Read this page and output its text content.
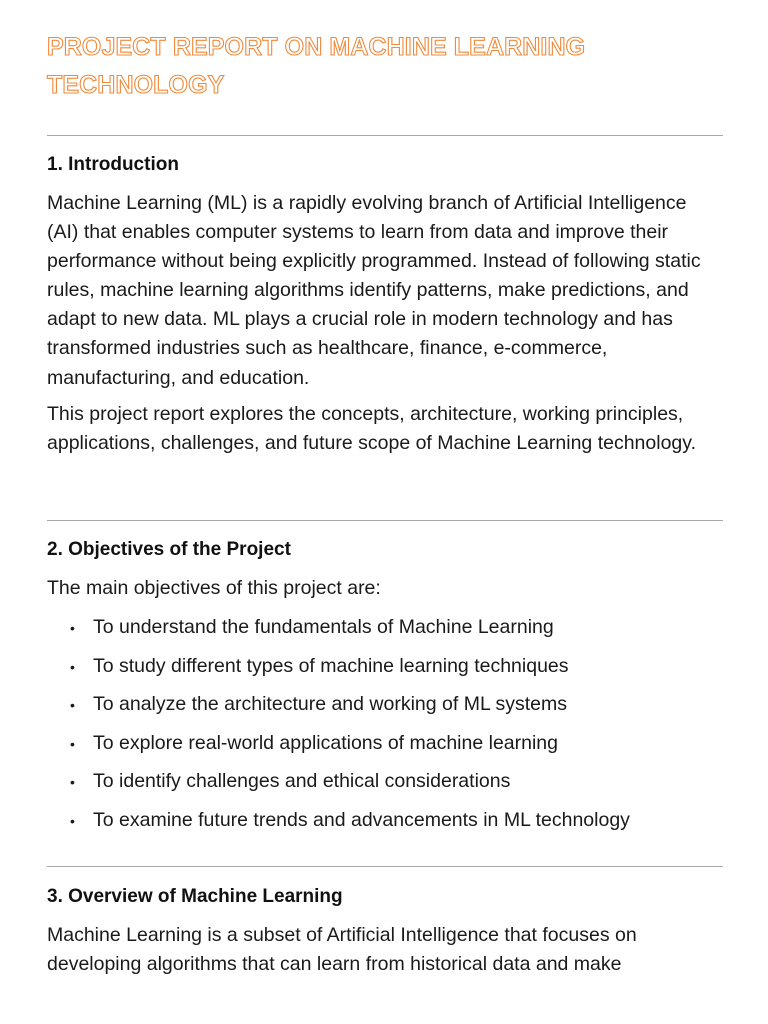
PROJECT REPORT ON MACHINE LEARNING TECHNOLOGY
1. Introduction

Machine Learning (ML) is a rapidly evolving branch of Artificial Intelligence (AI) that enables computer systems to learn from data and improve their performance without being explicitly programmed. Instead of following static rules, machine learning algorithms identify patterns, make predictions, and adapt to new data. ML plays a crucial role in modern technology and has transformed industries such as healthcare, finance, e-commerce, manufacturing, and education.

This project report explores the concepts, architecture, working principles, applications, challenges, and future scope of Machine Learning technology.

2. Objectives of the Project

The main objectives of this project are:

• To understand the fundamentals of Machine Learning
• To study different types of machine learning techniques
• To analyze the architecture and working of ML systems
• To explore real-world applications of machine learning
• To identify challenges and ethical considerations
• To examine future trends and advancements in ML technology
3. Overview of Machine Learning

Machine Learning is a subset of Artificial Intelligence that focuses on developing algorithms that can learn from historical data and make
